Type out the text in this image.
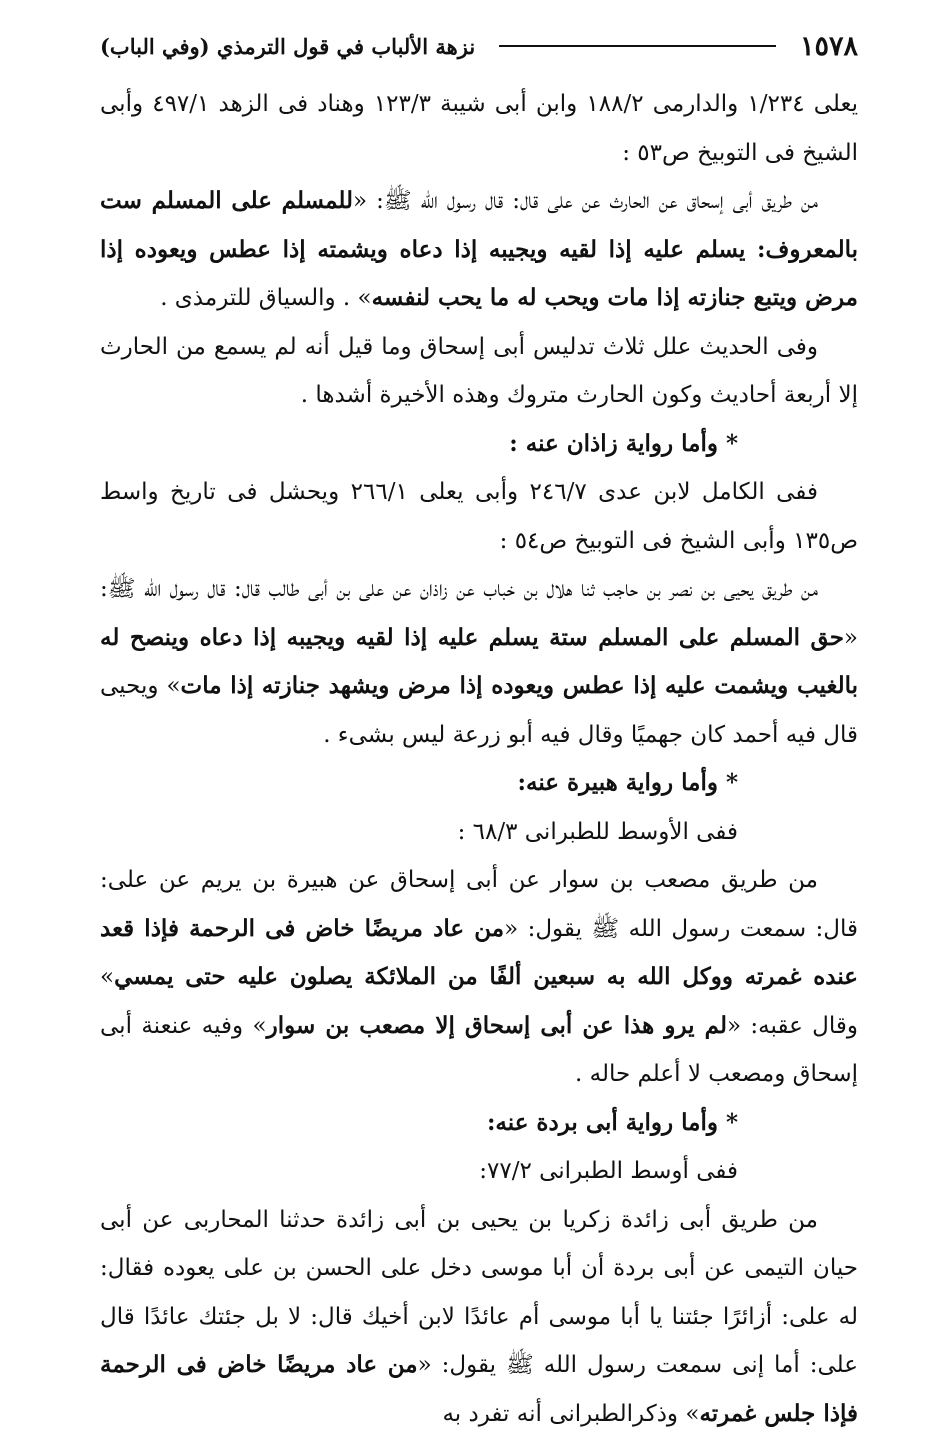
١٥٧٨
نزهة الألباب في قول الترمذي (وفي الباب)

يعلى ١/٢٣٤ والدارمى ١٨٨/٢ وابن أبى شيبة ١٢٣/٣ وهناد فى الزهد ٤٩٧/١ وأبى الشيخ فى التوبيخ ص٥٣ :

من طريق أبى إسحاق عن الحارث عن على قال: قال رسول الله ﷺ: «للمسلم على المسلم ست بالمعروف: يسلم عليه إذا لقيه ويجيبه إذا دعاه ويشمته إذا عطس ويعوده إذا مرض ويتبع جنازته إذا مات ويحب له ما يحب لنفسه» . والسياق للترمذى .

وفى الحديث علل ثلاث تدليس أبى إسحاق وما قيل أنه لم يسمع من الحارث إلا أربعة أحاديث وكون الحارث متروك وهذه الأخيرة أشدها .

* وأما رواية زاذان عنه :

ففى الكامل لابن عدى ٢٤٦/٧ وأبى يعلى ٢٦٦/١ ويحشل فى تاريخ واسط ص١٣٥ وأبى الشيخ فى التوبيخ ص٥٤ :

من طريق يحيى بن نصر بن حاجب ثنا هلال بن خباب عن زاذان عن على بن أبى طالب قال: قال رسول الله ﷺ: «حق المسلم على المسلم ستة يسلم عليه إذا لقيه ويجيبه إذا دعاه وينصح له بالغيب ويشمت عليه إذا عطس ويعوده إذا مرض ويشهد جنازته إذا مات» ويحيى قال فيه أحمد كان جهميًا وقال فيه أبو زرعة ليس بشىء .

* وأما رواية هبيرة عنه:

ففى الأوسط للطبرانى ٦٨/٣ :

من طريق مصعب بن سوار عن أبى إسحاق عن هبيرة بن يريم عن على: قال: سمعت رسول الله ﷺ يقول: «من عاد مريضًا خاض فى الرحمة فإذا قعد عنده غمرته ووكل الله به سبعين ألفًا من الملائكة يصلون عليه حتى يمسي» وقال عقبه: «لم يرو هذا عن أبى إسحاق إلا مصعب بن سوار» وفيه عنعنة أبى إسحاق ومصعب لا أعلم حاله .

* وأما رواية أبى بردة عنه:

ففى أوسط الطبرانى ٧٧/٢:

من طريق أبى زائدة زكريا بن يحيى بن أبى زائدة حدثنا المحاربى عن أبى حيان التيمى عن أبى بردة أن أبا موسى دخل على الحسن بن على يعوده فقال: له على: أزائرًا جئتنا يا أبا موسى أم عائدًا لابن أخيك قال: لا بل جئتك عائدًا قال على: أما إنى سمعت رسول الله ﷺ يقول: «من عاد مريضًا خاض فى الرحمة فإذا جلس غمرته» وذكرالطبرانى أنه تفرد به
